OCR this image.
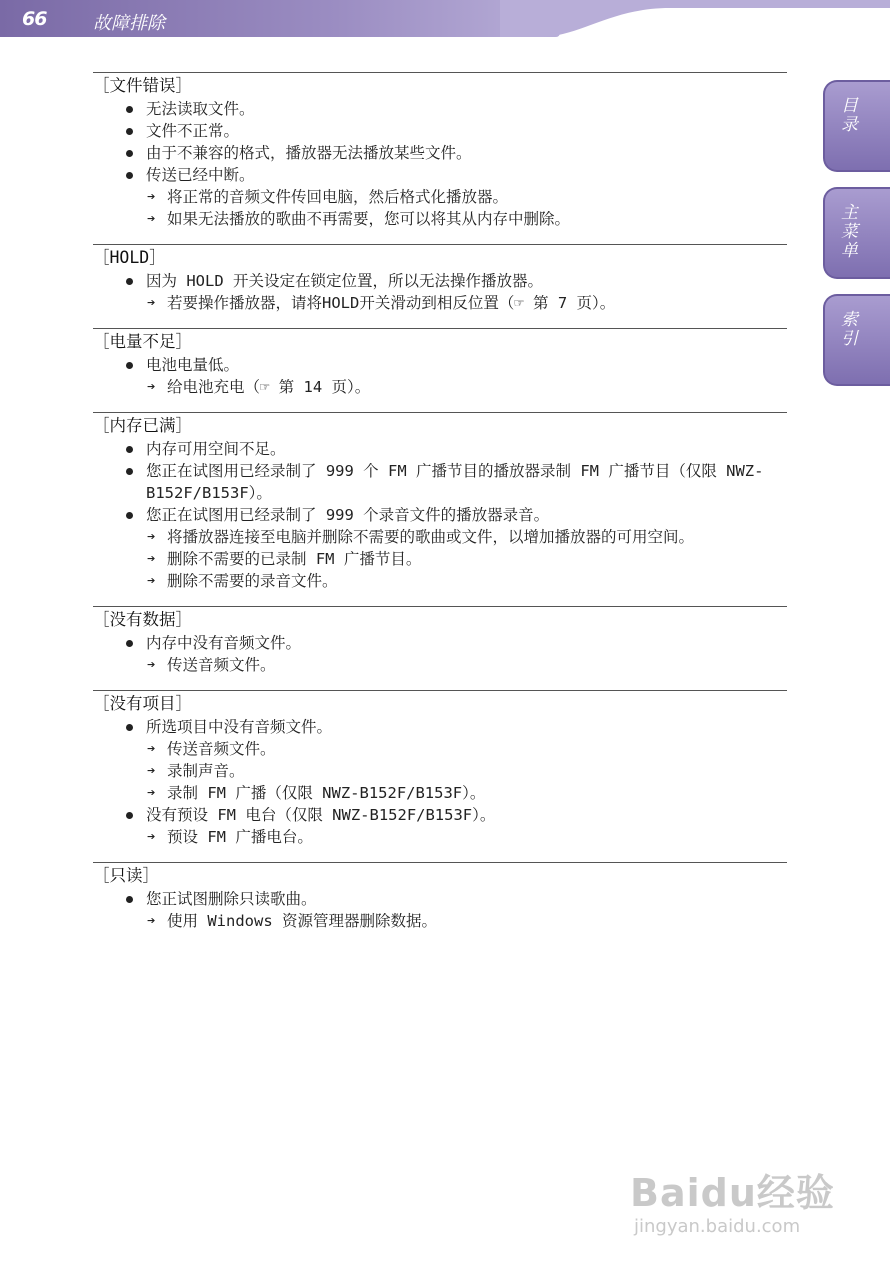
66	故障排除
目录
主菜单
索引
［文件错误］
无法读取文件。
文件不正常。
由于不兼容的格式，播放器无法播放某些文件。
传送已经中断。
➔ 将正常的音频文件传回电脑，然后格式化播放器。
➔ 如果无法播放的歌曲不再需要，您可以将其从内存中删除。
［HOLD］
因为 HOLD 开关设定在锁定位置，所以无法操作播放器。
➔ 若要操作播放器，请将HOLD开关滑动到相反位置（☞ 第 7 页）。
［电量不足］
电池电量低。
➔ 给电池充电（☞ 第 14 页）。
［内存已满］
内存可用空间不足。
您正在试图用已经录制了 999 个 FM 广播节目的播放器录制 FM 广播节目（仅限 NWZ-B152F/B153F）。
您正在试图用已经录制了 999 个录音文件的播放器录音。
➔ 将播放器连接至电脑并删除不需要的歌曲或文件，以增加播放器的可用空间。
➔ 删除不需要的已录制 FM 广播节目。
➔ 删除不需要的录音文件。
［没有数据］
内存中没有音频文件。
➔ 传送音频文件。
［没有项目］
所选项目中没有音频文件。
➔ 传送音频文件。
➔ 录制声音。
➔ 录制 FM 广播（仅限 NWZ-B152F/B153F）。
没有预设 FM 电台（仅限 NWZ-B152F/B153F）。
➔ 预设 FM 广播电台。
［只读］
您正试图删除只读歌曲。
➔ 使用 Windows 资源管理器删除数据。
Baidu经验
jingyan.baidu.com
